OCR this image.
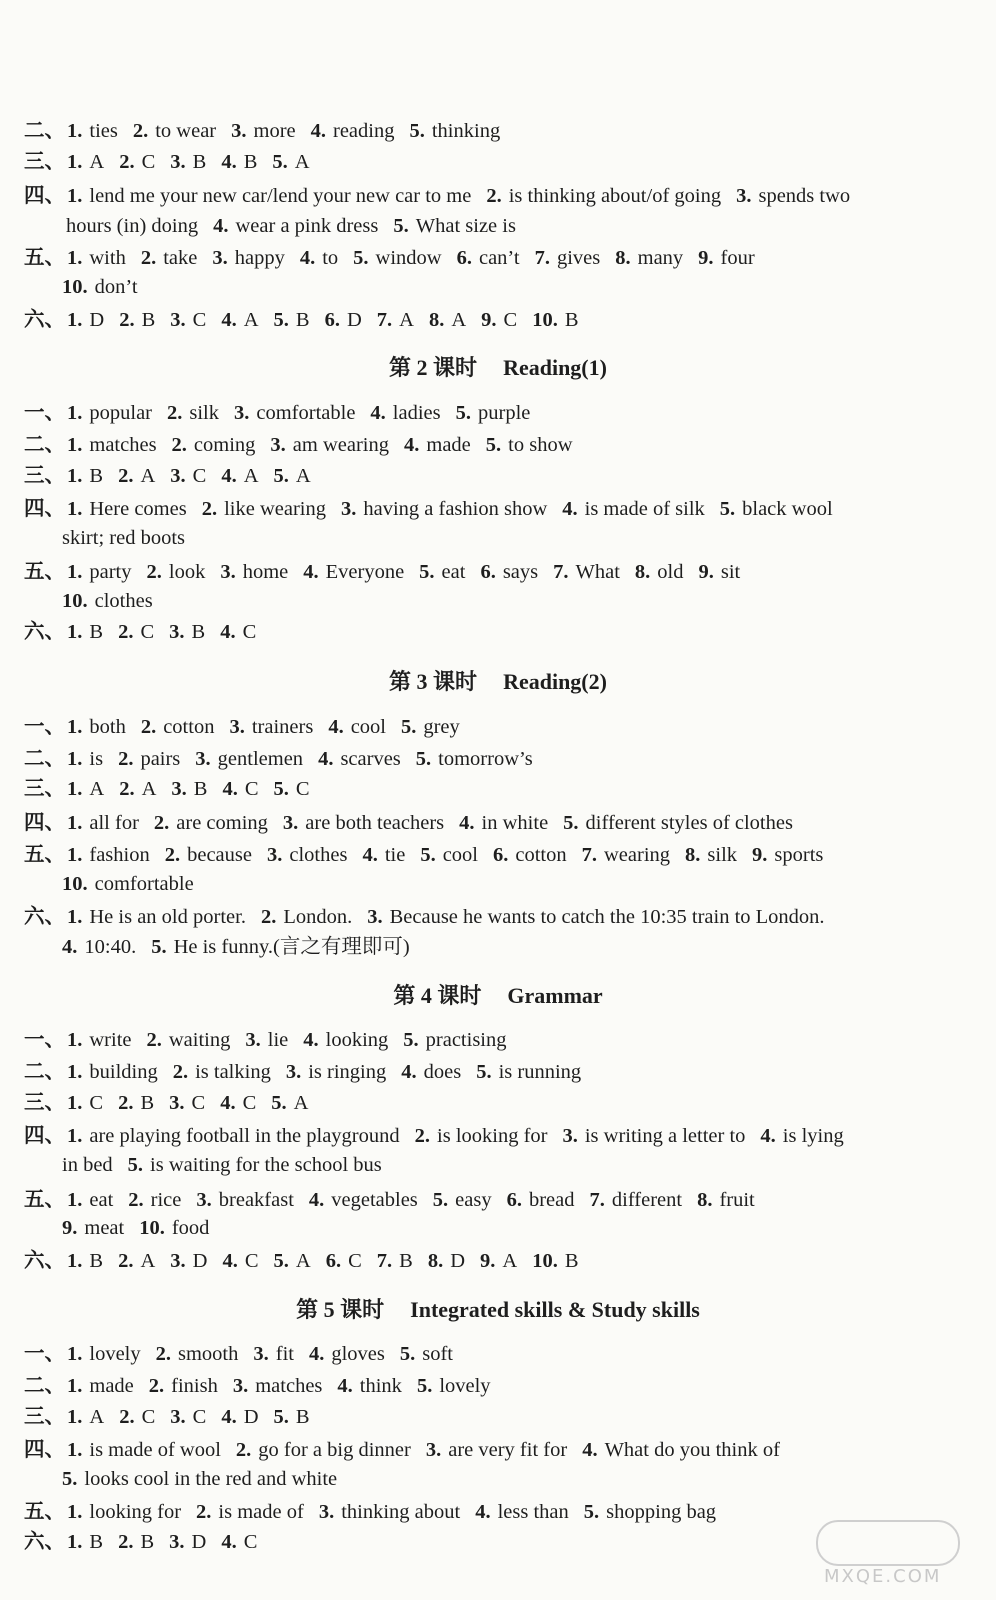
二、1. ties 2. to wear 3. more 4. reading 5. thinking
三、1. A 2. C 3. B 4. B 5. A
四、1. lend me your new car/lend your new car to me 2. is thinking about/of going 3. spends two
hours (in) doing 4. wear a pink dress 5. What size is
五、1. with 2. take 3. happy 4. to 5. window 6. can’t 7. gives 8. many 9. four
10. don’t
六、1. D 2. B 3. C 4. A 5. B 6. D 7. A 8. A 9. C 10. B
第 2 课时 Reading(1)
一、1. popular 2. silk 3. comfortable 4. ladies 5. purple
二、1. matches 2. coming 3. am wearing 4. made 5. to show
三、1. B 2. A 3. C 4. A 5. A
四、1. Here comes 2. like wearing 3. having a fashion show 4. is made of silk 5. black wool
skirt; red boots
五、1. party 2. look 3. home 4. Everyone 5. eat 6. says 7. What 8. old 9. sit
10. clothes
六、1. B 2. C 3. B 4. C
第 3 课时 Reading(2)
一、1. both 2. cotton 3. trainers 4. cool 5. grey
二、1. is 2. pairs 3. gentlemen 4. scarves 5. tomorrow’s
三、1. A 2. A 3. B 4. C 5. C
四、1. all for 2. are coming 3. are both teachers 4. in white 5. different styles of clothes
五、1. fashion 2. because 3. clothes 4. tie 5. cool 6. cotton 7. wearing 8. silk 9. sports
10. comfortable
六、1. He is an old porter. 2. London. 3. Because he wants to catch the 10:35 train to London.
4. 10:40. 5. He is funny.(言之有理即可)
第 4 课时 Grammar
一、1. write 2. waiting 3. lie 4. looking 5. practising
二、1. building 2. is talking 3. is ringing 4. does 5. is running
三、1. C 2. B 3. C 4. C 5. A
四、1. are playing football in the playground 2. is looking for 3. is writing a letter to 4. is lying
in bed 5. is waiting for the school bus
五、1. eat 2. rice 3. breakfast 4. vegetables 5. easy 6. bread 7. different 8. fruit
9. meat 10. food
六、1. B 2. A 3. D 4. C 5. A 6. C 7. B 8. D 9. A 10. B
第 5 课时 Integrated skills & Study skills
一、1. lovely 2. smooth 3. fit 4. gloves 5. soft
二、1. made 2. finish 3. matches 4. think 5. lovely
三、1. A 2. C 3. C 4. D 5. B
四、1. is made of wool 2. go for a big dinner 3. are very fit for 4. What do you think of
5. looks cool in the red and white
五、1. looking for 2. is made of 3. thinking about 4. less than 5. shopping bag
六、1. B 2. B 3. D 4. C
MXQE.COM
